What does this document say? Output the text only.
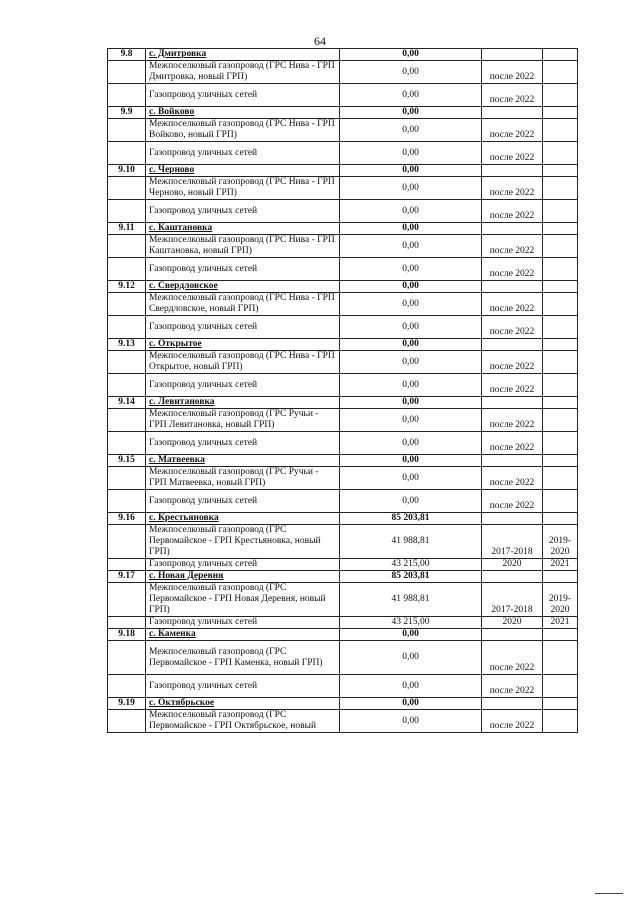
64
9.8	с. Дмитровка	0,00		
	Межпоселковый газопровод (ГРС Нива - ГРП Дмитровка, новый ГРП)	0,00	после 2022	
	Газопровод уличных сетей	0,00	после 2022	
9.9	с. Войково	0,00		
	Межпоселковый газопровод (ГРС Нива - ГРП Войково, новый ГРП)	0,00	после 2022	
	Газопровод уличных сетей	0,00	после 2022	
9.10	с. Черново	0,00		
	Межпоселковый газопровод (ГРС Нива - ГРП Черново, новый ГРП)	0,00	после 2022	
	Газопровод уличных сетей	0,00	после 2022	
9.11	с. Каштановка	0,00		
	Межпоселковый газопровод (ГРС Нива - ГРП Каштановка, новый ГРП)	0,00	после 2022	
	Газопровод уличных сетей	0,00	после 2022	
9.12	с. Свердловское	0,00		
	Межпоселковый газопровод (ГРС Нива - ГРП Свердловское, новый ГРП)	0,00	после 2022	
	Газопровод уличных сетей	0,00	после 2022	
9.13	с. Открытое	0,00		
	Межпоселковый газопровод (ГРС Нива - ГРП Открытое, новый ГРП)	0,00	после 2022	
	Газопровод уличных сетей	0,00	после 2022	
9.14	с. Левитановка	0,00		
	Межпоселковый газопровод (ГРС Ручьи - ГРП Левитановка, новый ГРП)	0,00	после 2022	
	Газопровод уличных сетей	0,00	после 2022	
9.15	с. Матвеевка	0,00		
	Межпоселковый газопровод (ГРС Ручьи - ГРП Матвеевка, новый ГРП)	0,00	после 2022	
	Газопровод уличных сетей	0,00	после 2022	
9.16	с. Крестьяновка	85 203,81		
	Межпоселковый газопровод (ГРС Первомайское - ГРП Крестьяновка, новый ГРП)	41 988,81	2017-2018	2019-2020
	Газопровод уличных сетей	43 215,00	2020	2021
9.17	с. Новая Деревня	85 203,81		
	Межпоселковый газопровод (ГРС Первомайское - ГРП Новая Деревня, новый ГРП)	41 988,81	2017-2018	2019-2020
	Газопровод уличных сетей	43 215,00	2020	2021
9.18	с. Каменка	0,00		
	Межпоселковый газопровод (ГРС Первомайское - ГРП Каменка, новый ГРП)	0,00	после 2022	
	Газопровод уличных сетей	0,00	после 2022	
9.19	с. Октябрьское	0,00		
	Межпоселковый газопровод (ГРС Первомайское - ГРП Октябрьское, новый	0,00	после 2022	
